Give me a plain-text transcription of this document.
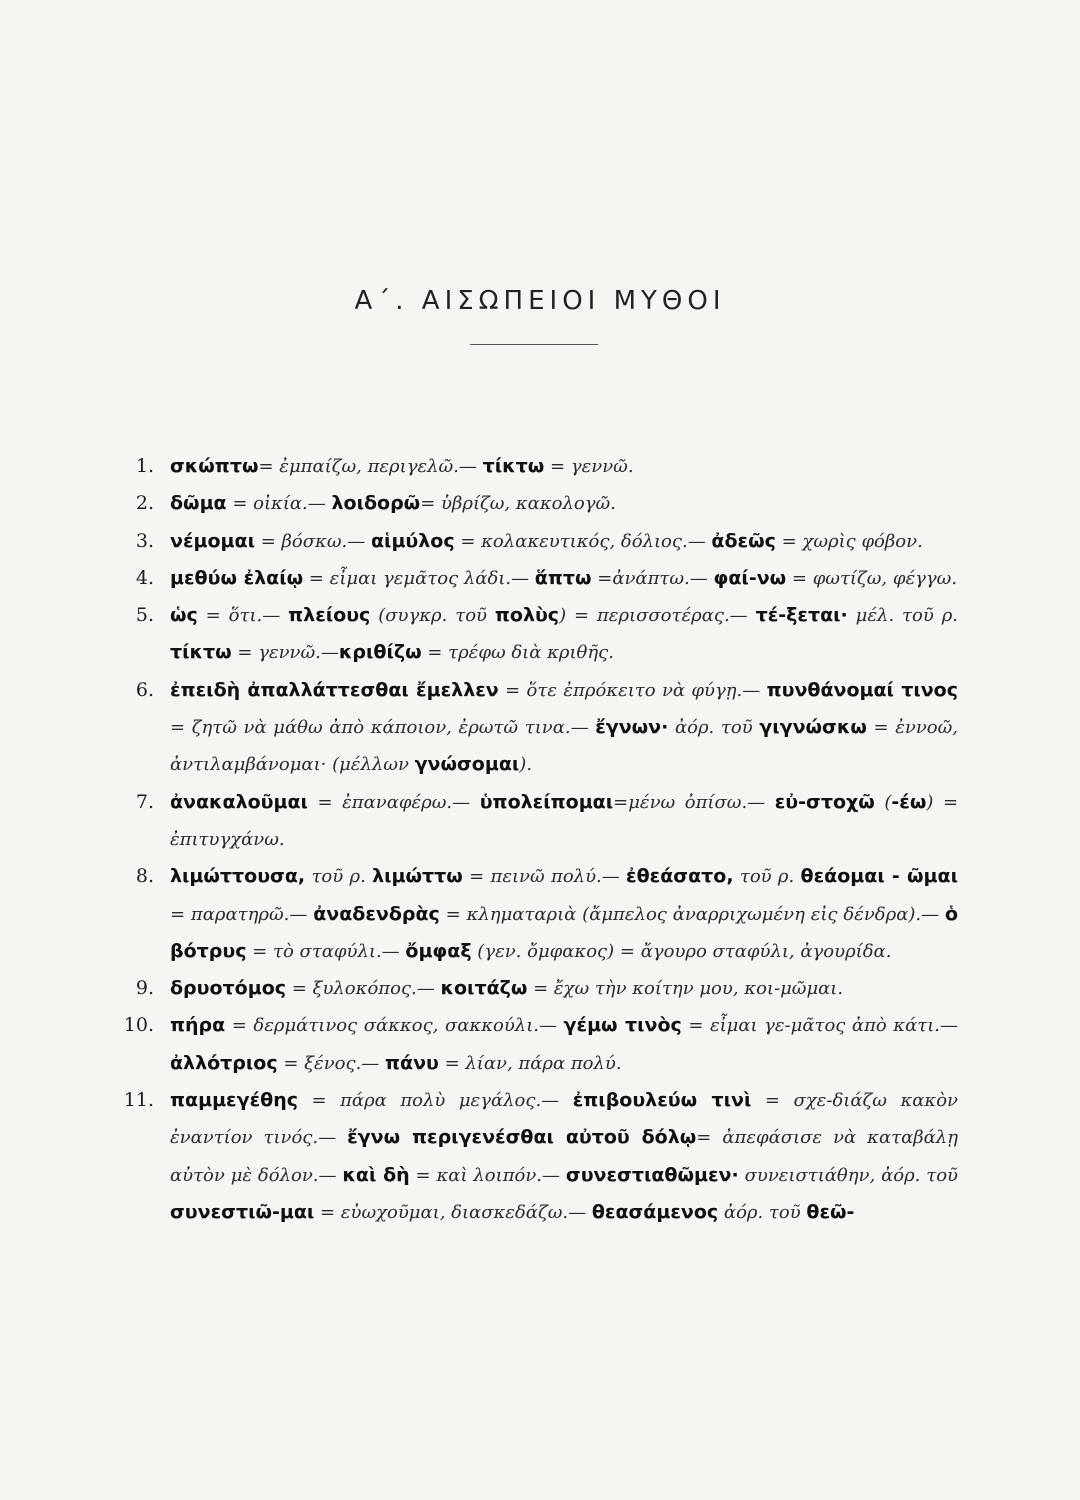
Α΄. ΑΙΣΩΠΕΙΟΙ ΜΥΘΟΙ
1. σκώπτω= ἐμπαίζω, περιγελῶ.— τίκτω = γεννῶ.
2. δῶμα = οἰκία.— λοιδορῶ= ὑβρίζω, κακολογῶ.
3. νέμομαι = βόσκω.— αἱμύλος = κολακευτικός, δόλιος.— ἀδεῶς = χωρὶς φόβον.
4. μεθύω ἐλαίῳ = εἶμαι γεμᾶτος λάδι.— ἅπτω =ἀνάπτω.— φαί-νω = φωτίζω, φέγγω.
5. ὡς = ὅτι.— πλείους (συγκρ. τοῦ πολὺς) = περισσοτέρας.— τέ-ξεται· μέλ. τοῦ ρ. τίκτω = γεννῶ.—κριθίζω = τρέφω διὰ κριθῆς.
6. ἐπειδὴ ἀπαλλάττεσθαι ἔμελλεν = ὅτε ἐπρόκειτο νὰ φύγῃ.— πυνθάνομαί τινος = ζητῶ νὰ μάθω ἀπὸ κάποιον, ἐρωτῶ τινα.— ἔγνων· ἀόρ. τοῦ γιγνώσκω = ἐννοῶ, ἀντιλαμβάνομαι· (μέλλων γνώσομαι).
7. ἀνακαλοῦμαι = ἐπαναφέρω.— ὑπολείπομαι=μένω ὀπίσω.— εὐ-στοχῶ (-έω) = ἐπιτυγχάνω.
8. λιμώττουσα, τοῦ ρ. λιμώττω = πεινῶ πολύ.— ἐθεάσατο, τοῦ ρ. θεάομαι - ῶμαι = παρατηρῶ.— ἀναδενδρὰς = κληματαριὰ (ἄμπελος ἀναρριχωμένη εἰς δένδρα).— ὁ βότρυς = τὸ σταφύλι.— ὄμφαξ (γεν. ὄμφακος) = ἄγουρο σταφύλι, ἀγουρίδα.
9. δρυοτόμος = ξυλοκόπος.— κοιτάζω = ἔχω τὴν κοίτην μου, κοι-μῶμαι.
10. πήρα = δερμάτινος σάκκος, σακκούλι.— γέμω τινὸς = εἶμαι γε-μᾶτος ἀπὸ κάτι.— ἀλλότριος = ξένος.— πάνυ = λίαν, πάρα πολύ.
11. παμμεγέθης = πάρα πολὺ μεγάλος.— ἐπιβουλεύω τινὶ = σχε-διάζω κακὸν ἐναντίον τινός.— ἔγνω περιγενέσθαι αὐτοῦ δόλῳ= ἀπεφάσισε νὰ καταβάλῃ αὐτὸν μὲ δόλον.— καὶ δὴ = καὶ λοιπόν.— συνεστιαθῶμεν· συνειστιάθην, ἀόρ. τοῦ συνεστιῶ-μαι = εὐωχοῦμαι, διασκεδάζω.— θεασάμενος ἀόρ. τοῦ θεῶ-
